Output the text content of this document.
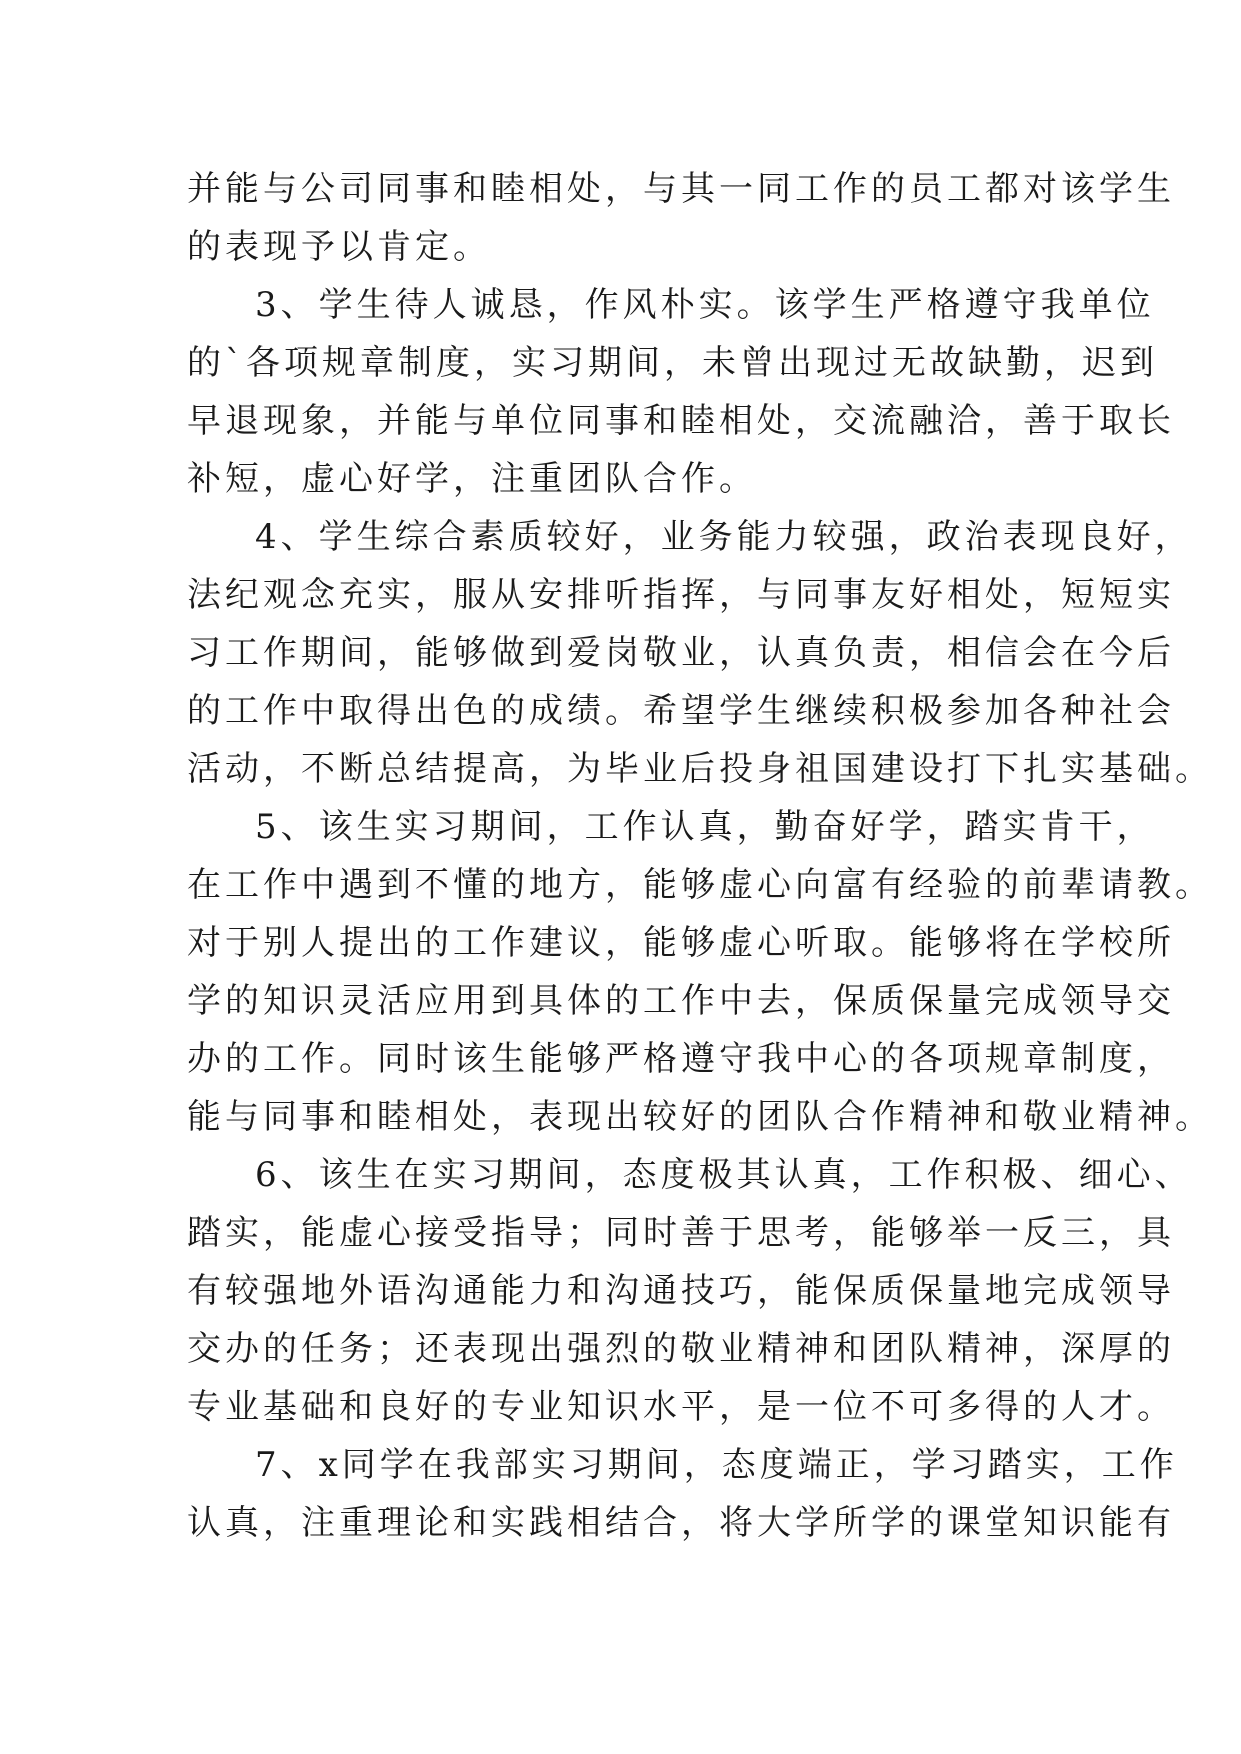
并能与公司同事和睦相处，与其一同工作的员工都对该学生
的表现予以肯定。
3、学生待人诚恳，作风朴实。该学生严格遵守我单位
的`各项规章制度，实习期间，未曾出现过无故缺勤，迟到
早退现象，并能与单位同事和睦相处，交流融洽，善于取长
补短，虚心好学，注重团队合作。
4、学生综合素质较好，业务能力较强，政治表现良好，
法纪观念充实，服从安排听指挥，与同事友好相处，短短实
习工作期间，能够做到爱岗敬业，认真负责，相信会在今后
的工作中取得出色的成绩。希望学生继续积极参加各种社会
活动，不断总结提高，为毕业后投身祖国建设打下扎实基础。
5、该生实习期间，工作认真，勤奋好学，踏实肯干，
在工作中遇到不懂的地方，能够虚心向富有经验的前辈请教。
对于别人提出的工作建议，能够虚心听取。能够将在学校所
学的知识灵活应用到具体的工作中去，保质保量完成领导交
办的工作。同时该生能够严格遵守我中心的各项规章制度，
能与同事和睦相处，表现出较好的团队合作精神和敬业精神。
6、该生在实习期间，态度极其认真，工作积极、细心、
踏实，能虚心接受指导；同时善于思考，能够举一反三，具
有较强地外语沟通能力和沟通技巧，能保质保量地完成领导
交办的任务；还表现出强烈的敬业精神和团队精神，深厚的
专业基础和良好的专业知识水平，是一位不可多得的人才。
7、x同学在我部实习期间，态度端正，学习踏实，工作
认真，注重理论和实践相结合，将大学所学的课堂知识能有
